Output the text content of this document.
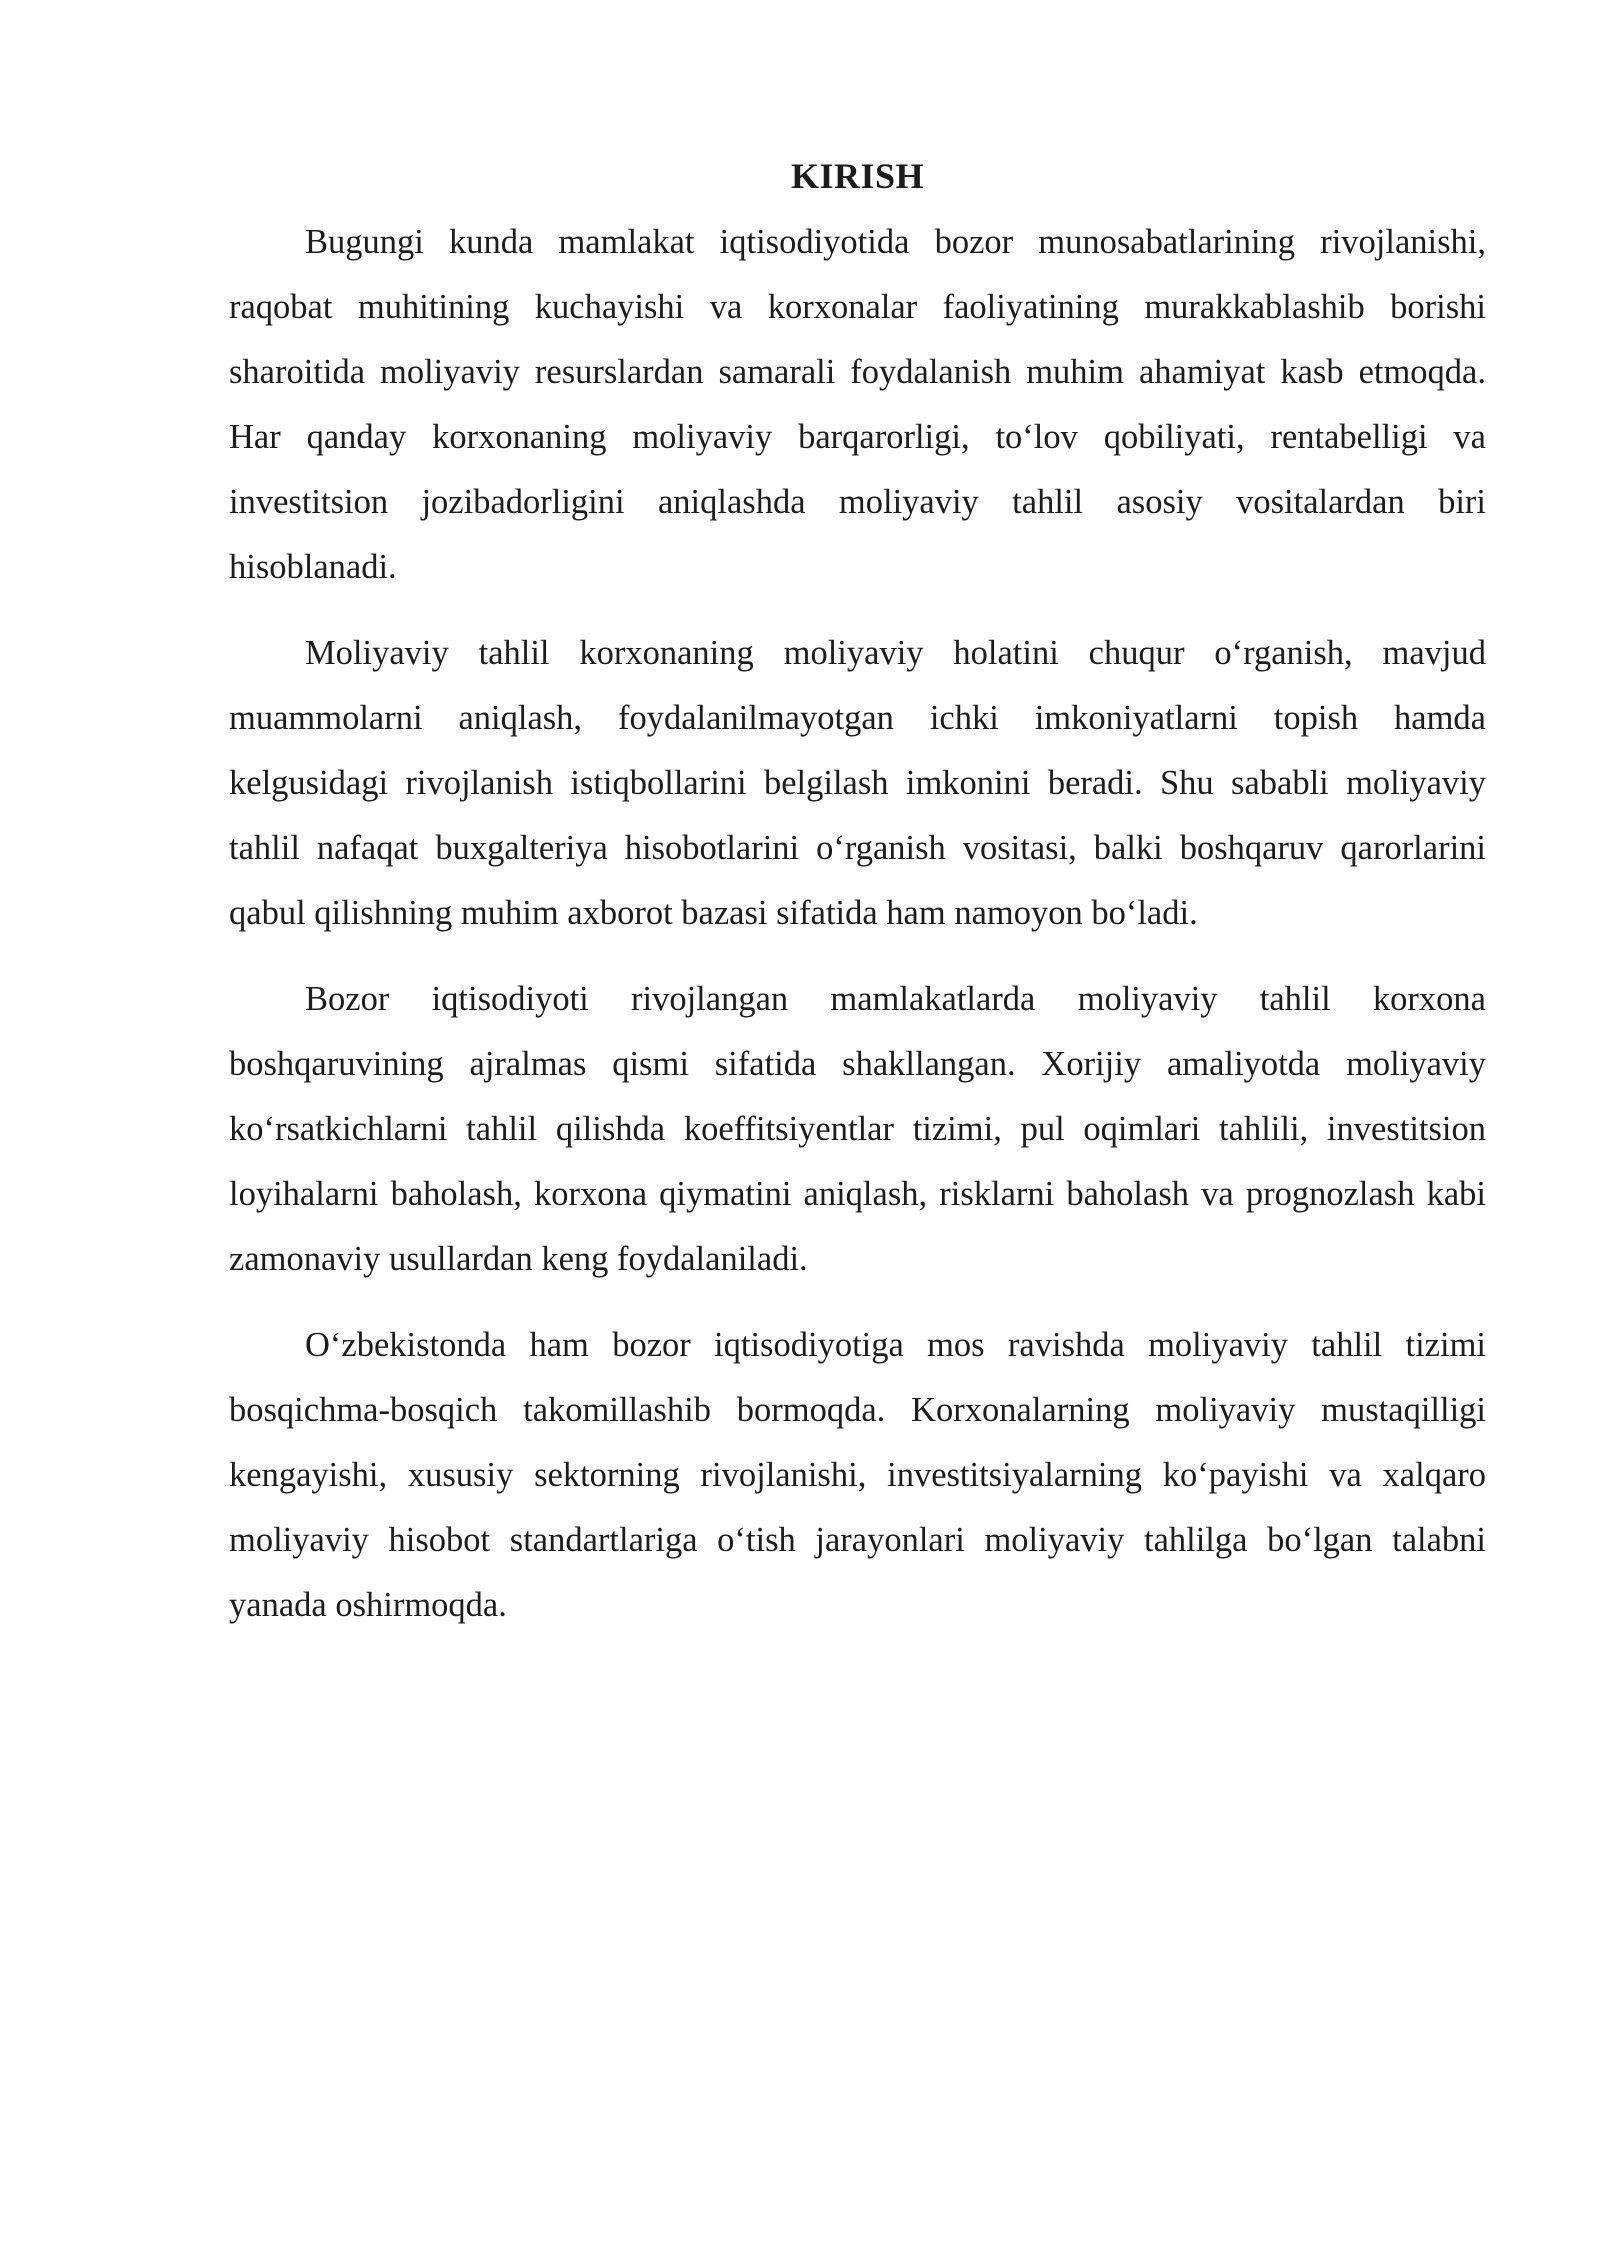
KIRISH

Bugungi kunda mamlakat iqtisodiyotida bozor munosabatlarining rivojlanishi, raqobat muhitining kuchayishi va korxonalar faoliyatining murakkablashib borishi sharoitida moliyaviy resurslardan samarali foydalanish muhim ahamiyat kasb etmoqda. Har qanday korxonaning moliyaviy barqarorligi, to‘lov qobiliyati, rentabelligi va investitsion jozibadorligini aniqlashda moliyaviy tahlil asosiy vositalardan biri hisoblanadi.

Moliyaviy tahlil korxonaning moliyaviy holatini chuqur o‘rganish, mavjud muammolarni aniqlash, foydalanilmayotgan ichki imkoniyatlarni topish hamda kelgusidagi rivojlanish istiqbollarini belgilash imkonini beradi. Shu sababli moliyaviy tahlil nafaqat buxgalteriya hisobotlarini o‘rganish vositasi, balki boshqaruv qarorlarini qabul qilishning muhim axborot bazasi sifatida ham namoyon bo‘ladi.

Bozor iqtisodiyoti rivojlangan mamlakatlarda moliyaviy tahlil korxona boshqaruvining ajralmas qismi sifatida shakllangan. Xorijiy amaliyotda moliyaviy ko‘rsatkichlarni tahlil qilishda koeffitsiyentlar tizimi, pul oqimlari tahlili, investitsion loyihalarni baholash, korxona qiymatini aniqlash, risklarni baholash va prognozlash kabi zamonaviy usullardan keng foydalaniladi.

O‘zbekistonda ham bozor iqtisodiyotiga mos ravishda moliyaviy tahlil tizimi bosqichma-bosqich takomillashib bormoqda. Korxonalarning moliyaviy mustaqilligi kengayishi, xususiy sektorning rivojlanishi, investitsiyalarning ko‘payishi va xalqaro moliyaviy hisobot standartlariga o‘tish jarayonlari moliyaviy tahlilga bo‘lgan talabni yanada oshirmoqda.
